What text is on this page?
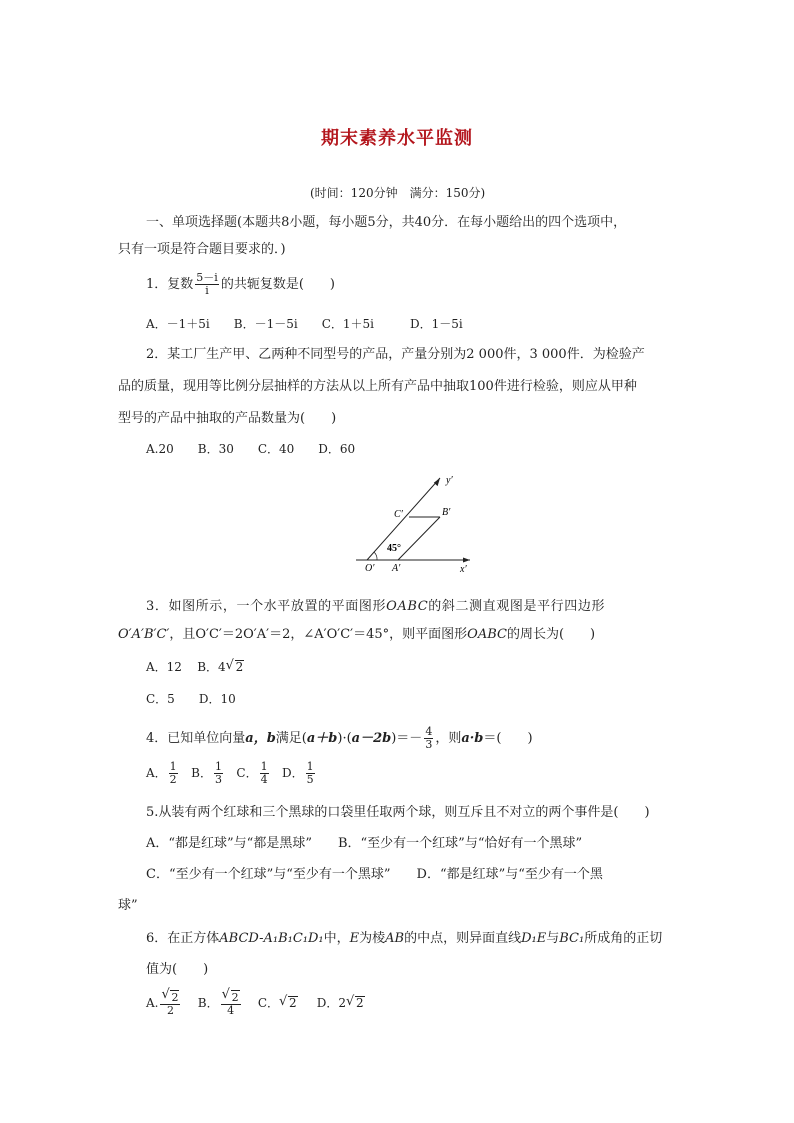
期末素养水平监测
(时间：120分钟　满分：150分)
一、单项选择题(本题共8小题，每小题5分，共40分．在每小题给出的四个选项中，
只有一项是符合题目要求的．)
1．复数 $\frac{5-i}{i}$ 的共轭复数是(　　)
A．－1＋5i　　B．－1－5i　　C．1＋5i　　　D．1－5i
2．某工厂生产甲、乙两种不同型号的产品，产量分别为2 000件，3 000件．为检验产
品的质量，现用等比例分层抽样的方法从以上所有产品中抽取100件进行检验，则应从甲种
型号的产品中抽取的产品数量为(　　)
A.20　　B．30　　C．40　　D．60
y′
x′
C′	B′
O′ A′
45°
3．如图所示，一个水平放置的平面图形OABC的斜二测直观图是平行四边形
O′A′B′C′，且O′C′＝2O′A′＝2，∠A′O′C′＝45°，则平面图形OABC的周长为(　　)
A．12 B．4 √ 2
C．5　　D．10
4．已知单位向量a，b满足$(a+b)\cdot(a-2b)=- \frac{4}{3}$ ，则a·b＝(　　)
A． $\frac{1}{2}$ B． $\frac{1}{3}$ C． $\frac{1}{4}$ D． $\frac{1}{5}$
5.从装有两个红球和三个黑球的口袋里任取两个球，则互斥且不对立的两个事件是(　　)
A．“都是红球”与“都是黑球”　　B．“至少有一个红球”与“恰好有一个黑球”
C．“至少有一个红球”与“至少有一个黑球”　　D．“都是红球”与“至少有一个黑
球”
6．在正方体ABCD-A₁B₁C₁D₁中，E为棱AB的中点，则异面直线D₁E与BC₁所成角的正切
值为(　　)
A. √ $\frac{2}{2}$ B． √ $\frac{2}{4}$ C． √ 2 D．2 √ 2
